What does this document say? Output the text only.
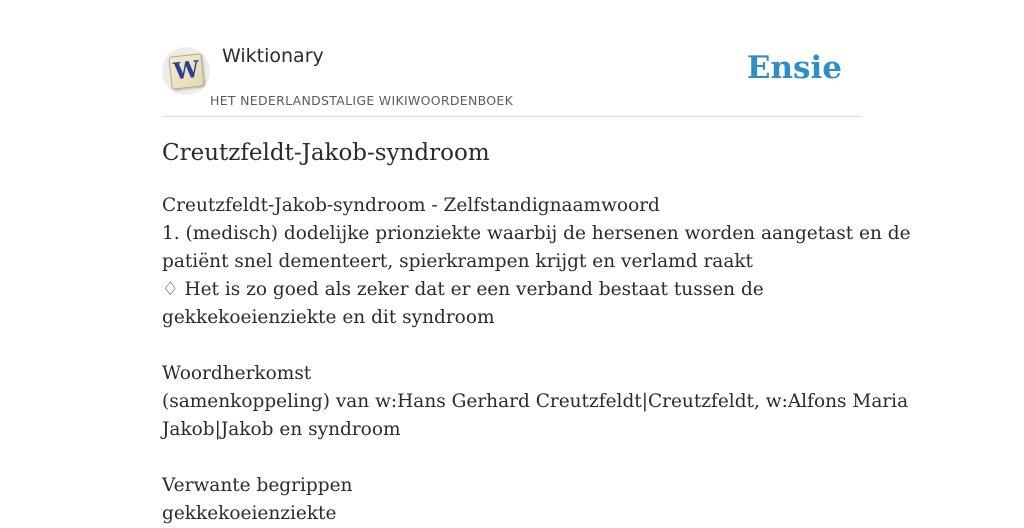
W Wiktionary
HET NEDERLANDSTALIGE WIKIWOORDENBOEK
Ensie
Creutzfeldt-Jakob-syndroom
Creutzfeldt-Jakob-syndroom - Zelfstandignaamwoord
1. (medisch) dodelijke prionziekte waarbij de hersenen worden aangetast en de
patiënt snel dementeert, spierkrampen krijgt en verlamd raakt
♢ Het is zo goed als zeker dat er een verband bestaat tussen de
gekkekoeienziekte en dit syndroom
Woordherkomst
(samenkoppeling) van w:Hans Gerhard Creutzfeldt|Creutzfeldt, w:Alfons Maria
Jakob|Jakob en syndroom
Verwante begrippen
gekkekoeienziekte
